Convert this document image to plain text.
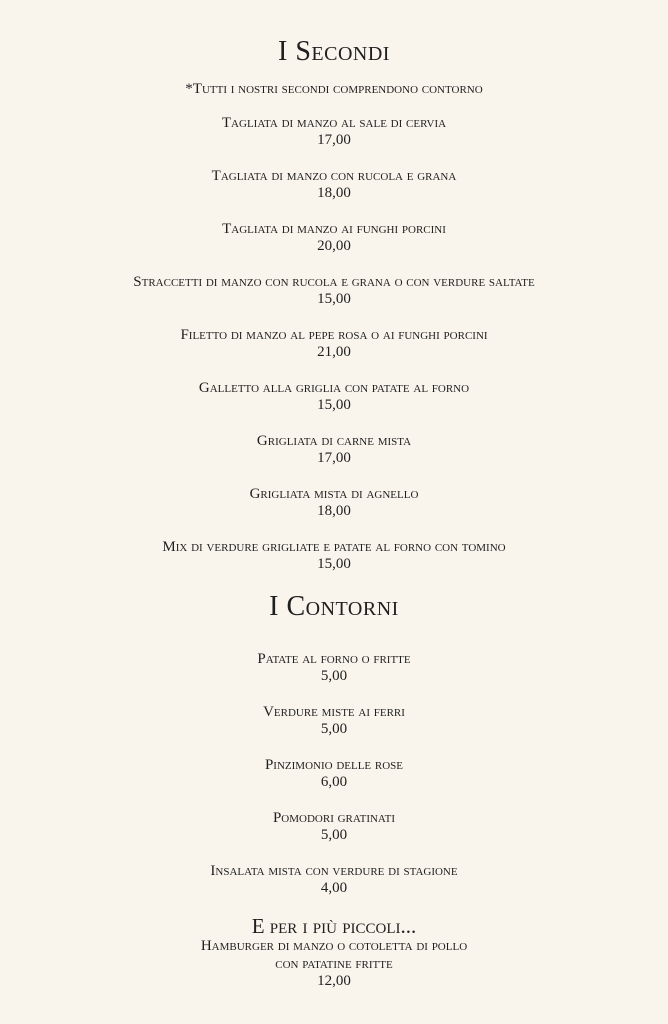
I Secondi

*Tutti i nostri secondi comprendono contorno

Tagliata di manzo al sale di cervia
17,00
Tagliata di manzo con rucola e grana
18,00
Tagliata di manzo ai funghi porcini
20,00
Straccetti di manzo con rucola e grana o con verdure saltate
15,00
Filetto di manzo al pepe rosa o ai funghi porcini
21,00
Galletto alla griglia con patate al forno
15,00
Grigliata di carne mista
17,00
Grigliata mista di agnello
18,00
Mix di verdure grigliate e patate al forno con tomino
15,00
I Contorni
Patate al forno o fritte
5,00
Verdure miste ai ferri
5,00
Pinzimonio delle rose
6,00
Pomodori gratinati
5,00
Insalata mista con verdure di stagione
4,00
E per i più piccoli...
Hamburger di manzo o cotoletta di pollo
con patatine fritte
12,00
